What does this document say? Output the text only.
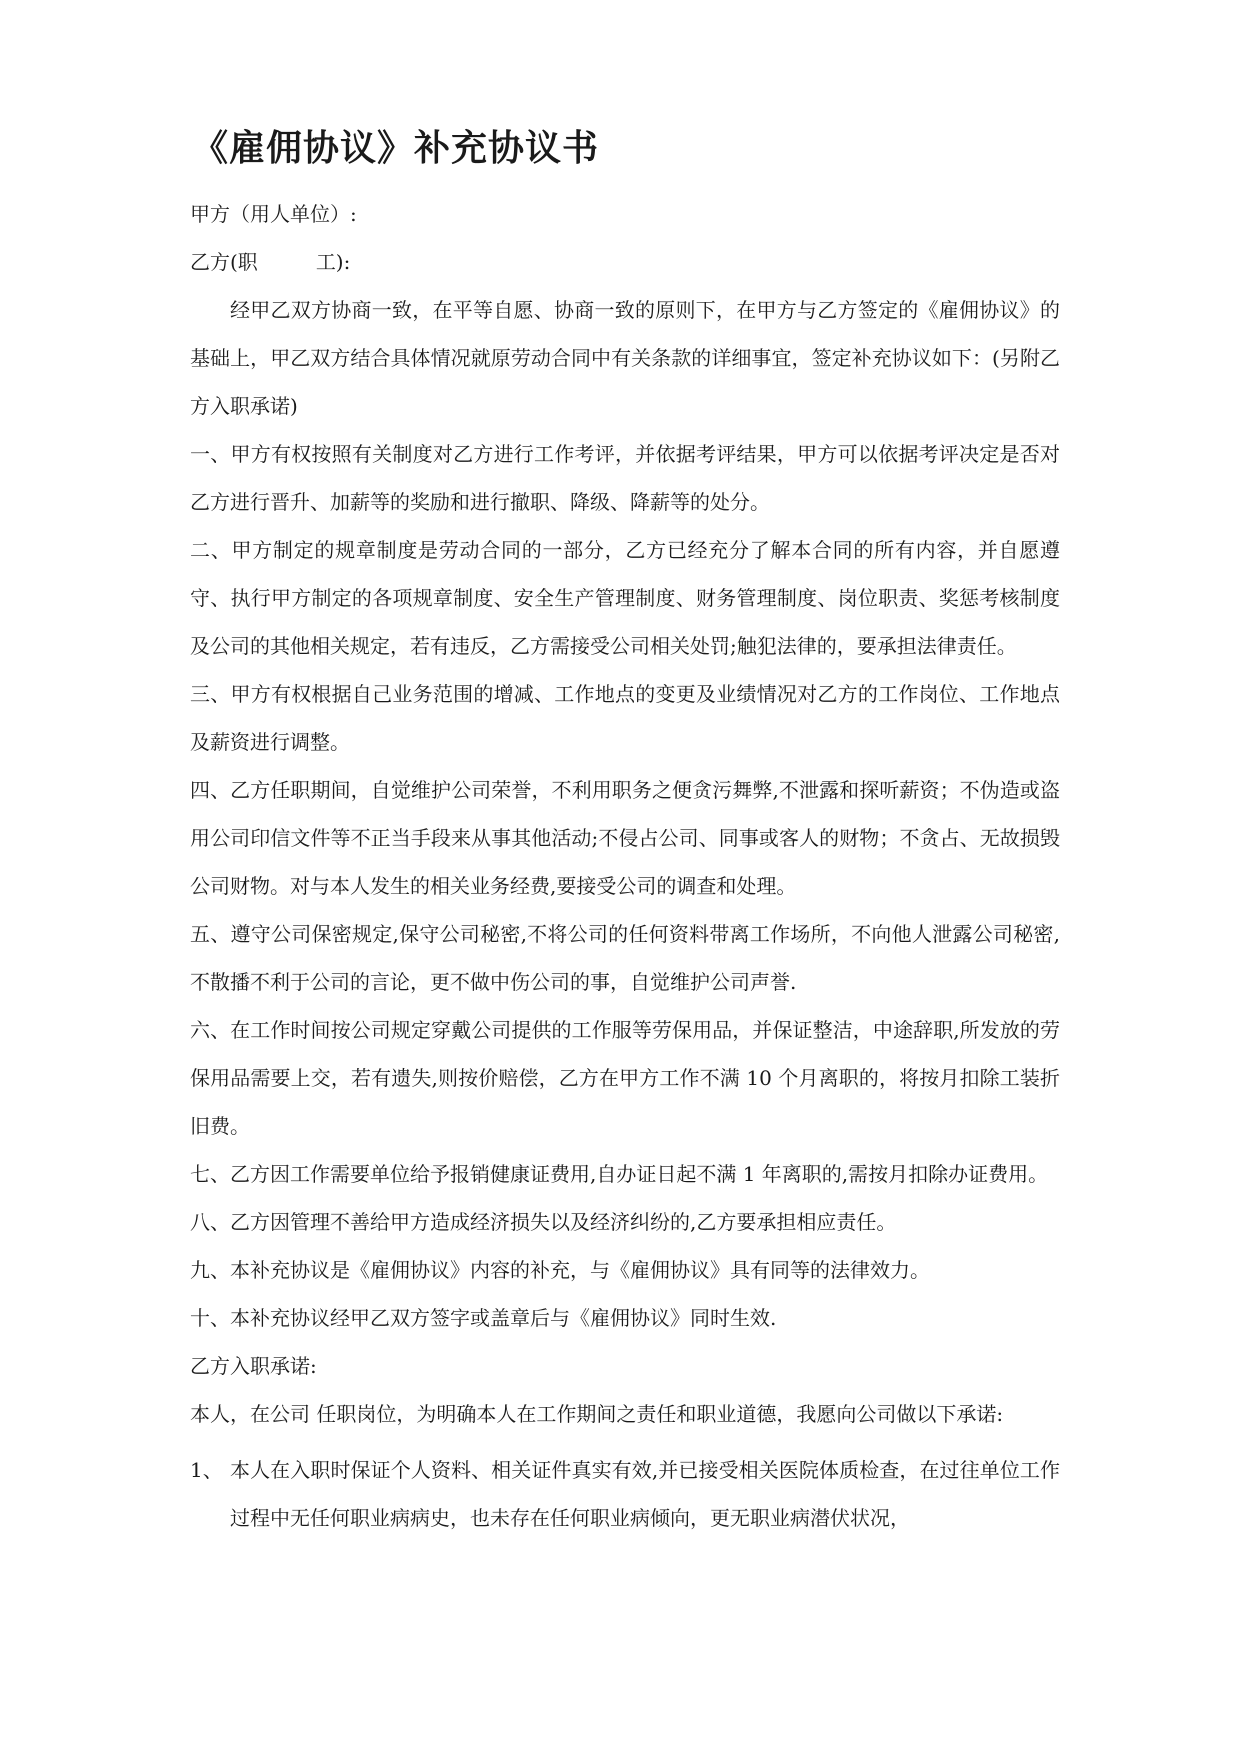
《雇佣协议》补充协议书

甲方（用人单位）:

乙方(职	工):

经甲乙双方协商一致，在平等自愿、协商一致的原则下，在甲方与乙方签定的《雇佣协议》的基础上，甲乙双方结合具体情况就原劳动合同中有关条款的详细事宜，签定补充协议如下：(另附乙方入职承诺)

一、甲方有权按照有关制度对乙方进行工作考评，并依据考评结果，甲方可以依据考评决定是否对乙方进行晋升、加薪等的奖励和进行撤职、降级、降薪等的处分。

二、甲方制定的规章制度是劳动合同的一部分，乙方已经充分了解本合同的所有内容，并自愿遵守、执行甲方制定的各项规章制度、安全生产管理制度、财务管理制度、岗位职责、奖惩考核制度及公司的其他相关规定，若有违反，乙方需接受公司相关处罚;触犯法律的，要承担法律责任。

三、甲方有权根据自己业务范围的增减、工作地点的变更及业绩情况对乙方的工作岗位、工作地点及薪资进行调整。

四、乙方任职期间，自觉维护公司荣誉，不利用职务之便贪污舞弊,不泄露和探听薪资；不伪造或盗用公司印信文件等不正当手段来从事其他活动;不侵占公司、同事或客人的财物；不贪占、无故损毁公司财物。对与本人发生的相关业务经费,要接受公司的调查和处理。

五、遵守公司保密规定,保守公司秘密,不将公司的任何资料带离工作场所，不向他人泄露公司秘密,不散播不利于公司的言论，更不做中伤公司的事，自觉维护公司声誉.

六、在工作时间按公司规定穿戴公司提供的工作服等劳保用品，并保证整洁，中途辞职,所发放的劳保用品需要上交，若有遗失,则按价赔偿，乙方在甲方工作不满 10 个月离职的，将按月扣除工装折旧费。

七、乙方因工作需要单位给予报销健康证费用,自办证日起不满 1 年离职的,需按月扣除办证费用。

八、乙方因管理不善给甲方造成经济损失以及经济纠纷的,乙方要承担相应责任。

九、本补充协议是《雇佣协议》内容的补充，与《雇佣协议》具有同等的法律效力。

十、本补充协议经甲乙双方签字或盖章后与《雇佣协议》同时生效.

乙方入职承诺:

本人，在公司 任职岗位，为明确本人在工作期间之责任和职业道德，我愿向公司做以下承诺:

1、 本人在入职时保证个人资料、相关证件真实有效,并已接受相关医院体质检查，在过往单位工作过程中无任何职业病病史，也未存在任何职业病倾向，更无职业病潜伏状况，
